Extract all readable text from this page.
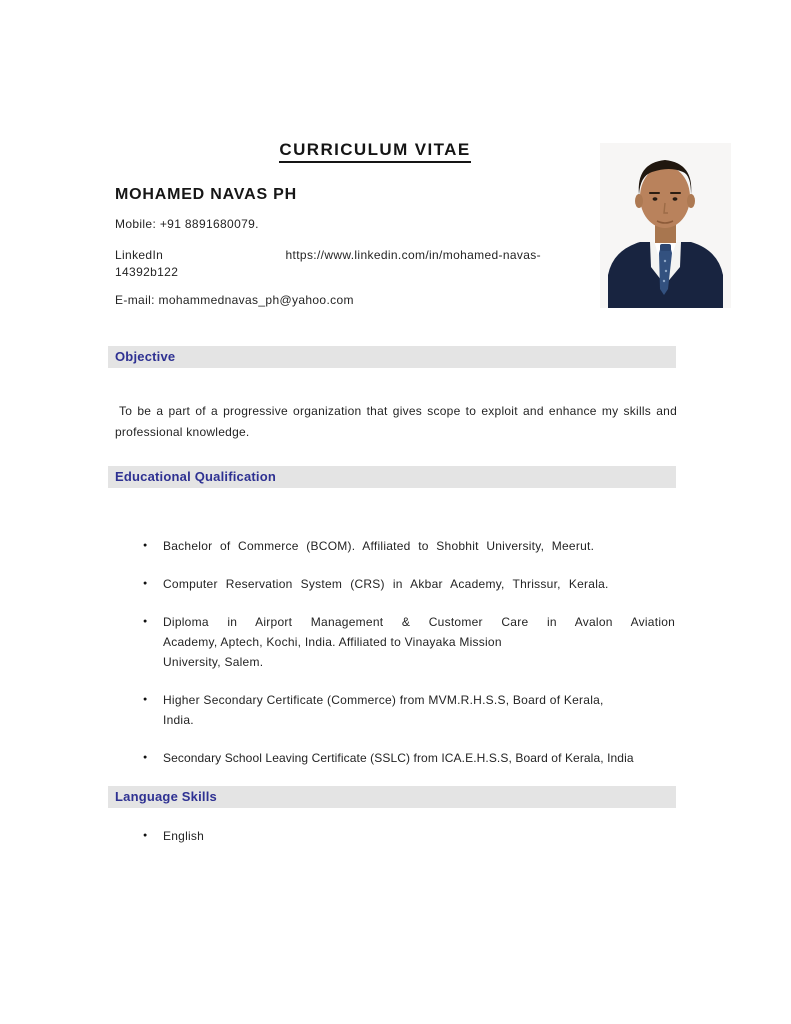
CURRICULUM VITAE
MOHAMED NAVAS PH
Mobile: +91 8891680079.
LinkedIn	https://www.linkedin.com/in/mohamed-navas-
14392b122
E-mail: mohammednavas_ph@yahoo.com
Objective

To be a part of a progressive organization that gives scope to exploit and enhance my skills and professional knowledge.

Educational Qualification
● Bachelor of Commerce (BCOM). Affiliated to Shobhit University, Meerut.
● Computer Reservation System (CRS) in Akbar Academy, Thrissur, Kerala.
● Diploma in Airport Management & Customer Care in Avalon Aviation
Academy, Aptech, Kochi, India. Affiliated to Vinayaka Mission
University, Salem.
● Higher Secondary Certificate (Commerce) from MVM.R.H.S.S, Board of Kerala,
India.
● Secondary School Leaving Certificate (SSLC) from ICA.E.H.S.S, Board of Kerala, India
Language Skills
● English
